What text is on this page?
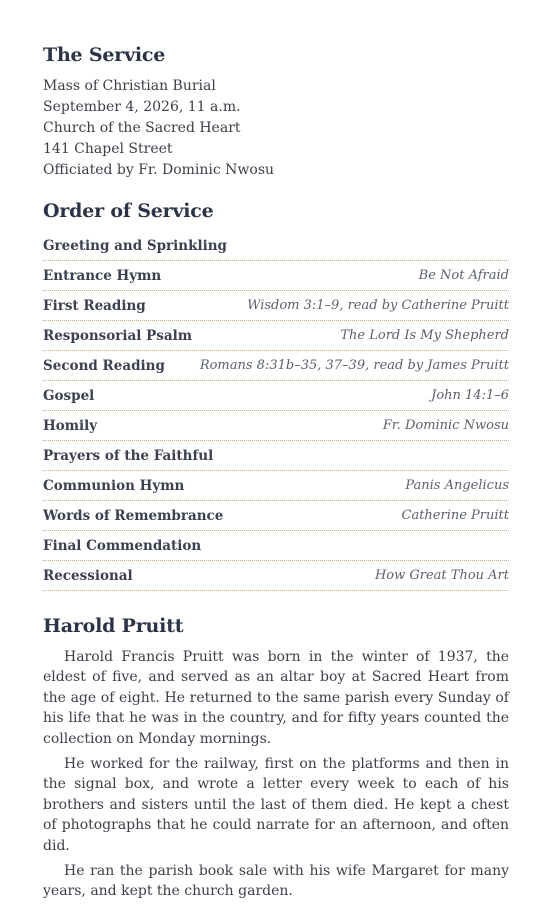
The Service
Mass of Christian Burial
September 4, 2026, 11 a.m.
Church of the Sacred Heart
141 Chapel Street
Officiated by Fr. Dominic Nwosu
Order of Service
Greeting and Sprinkling
Entrance Hymn	Be Not Afraid
First Reading	Wisdom 3:1–9, read by Catherine Pruitt
Responsorial Psalm	The Lord Is My Shepherd
Second Reading	Romans 8:31b–35, 37–39, read by James Pruitt
Gospel	John 14:1–6
Homily	Fr. Dominic Nwosu
Prayers of the Faithful
Communion Hymn	Panis Angelicus
Words of Remembrance	Catherine Pruitt
Final Commendation
Recessional	How Great Thou Art
Harold Pruitt

Harold Francis Pruitt was born in the winter of 1937, the eldest of five, and served as an altar boy at Sacred Heart from the age of eight. He returned to the same parish every Sunday of his life that he was in the country, and for fifty years counted the collection on Monday mornings.

He worked for the railway, first on the platforms and then in the signal box, and wrote a letter every week to each of his brothers and sisters until the last of them died. He kept a chest of photographs that he could narrate for an afternoon, and often did.

He ran the parish book sale with his wife Margaret for many years, and kept the church garden.
